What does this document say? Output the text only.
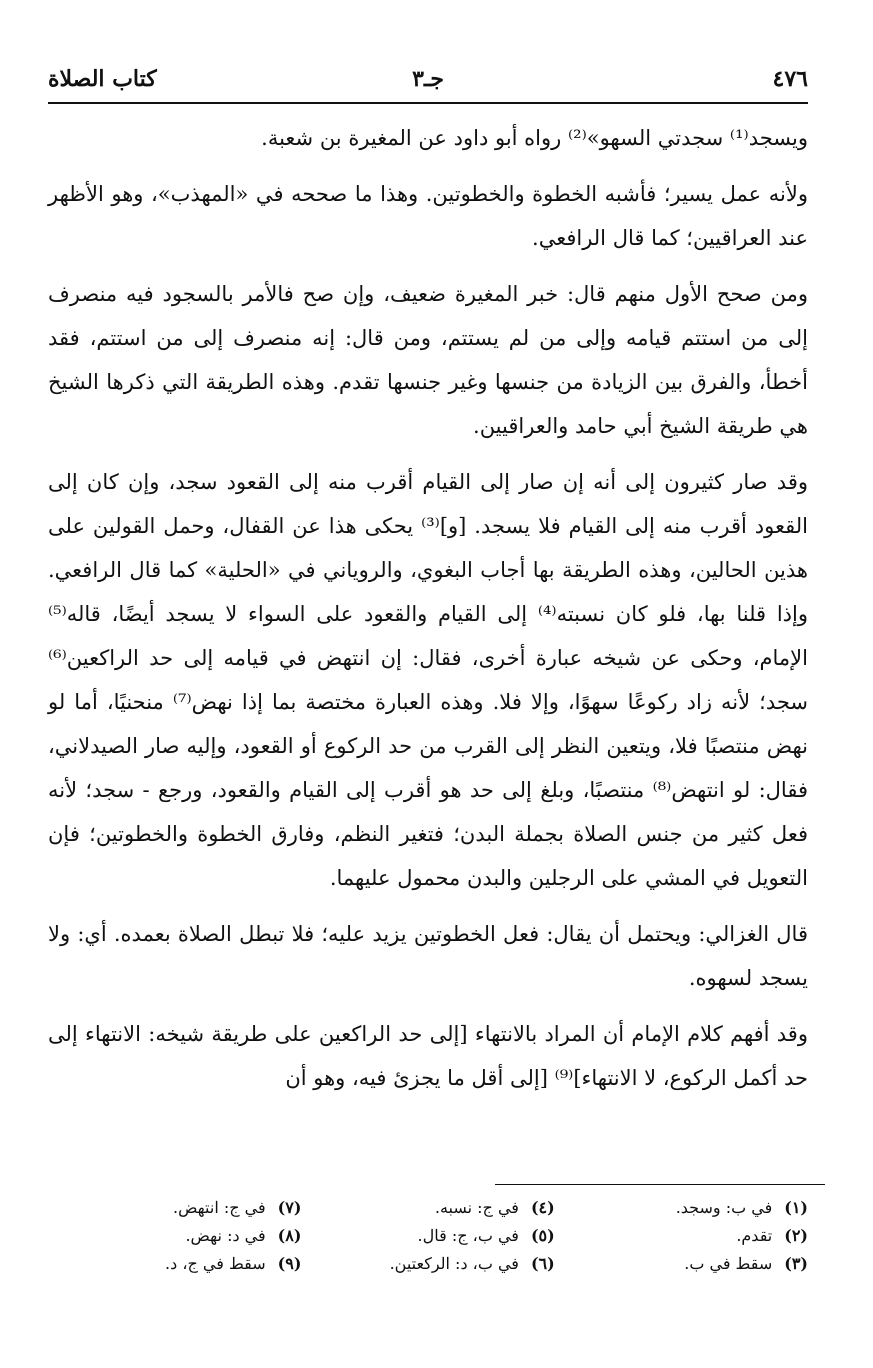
٤٧٦
جـ٣
كتاب الصلاة

ويسجد⁽¹⁾ سجدتي السهو»⁽²⁾ رواه أبو داود عن المغيرة بن شعبة.

ولأنه عمل يسير؛ فأشبه الخطوة والخطوتين. وهذا ما صححه في «المهذب»، وهو الأظهر عند العراقيين؛ كما قال الرافعي.

ومن صحح الأول منهم قال: خبر المغيرة ضعيف، وإن صح فالأمر بالسجود فيه منصرف إلى من استتم قيامه وإلى من لم يستتم، ومن قال: إنه منصرف إلى من استتم، فقد أخطأ، والفرق بين الزيادة من جنسها وغير جنسها تقدم. وهذه الطريقة التي ذكرها الشيخ هي طريقة الشيخ أبي حامد والعراقيين.

وقد صار كثيرون إلى أنه إن صار إلى القيام أقرب منه إلى القعود سجد، وإن كان إلى القعود أقرب منه إلى القيام فلا يسجد. [و]⁽³⁾ يحكى هذا عن القفال، وحمل القولين على هذين الحالين، وهذه الطريقة بها أجاب البغوي، والروياني في «الحلية» كما قال الرافعي. وإذا قلنا بها، فلو كان نسبته⁽⁴⁾ إلى القيام والقعود على السواء لا يسجد أيضًا، قاله⁽⁵⁾ الإمام، وحكى عن شيخه عبارة أخرى، فقال: إن انتهض في قيامه إلى حد الراكعين⁽⁶⁾ سجد؛ لأنه زاد ركوعًا سهوًا، وإلا فلا. وهذه العبارة مختصة بما إذا نهض⁽⁷⁾ منحنيًا، أما لو نهض منتصبًا فلا، ويتعين النظر إلى القرب من حد الركوع أو القعود، وإليه صار الصيدلاني، فقال: لو انتهض⁽⁸⁾ منتصبًا، وبلغ إلى حد هو أقرب إلى القيام والقعود، ورجع - سجد؛ لأنه فعل كثير من جنس الصلاة بجملة البدن؛ فتغير النظم، وفارق الخطوة والخطوتين؛ فإن التعويل في المشي على الرجلين والبدن محمول عليهما.

قال الغزالي: ويحتمل أن يقال: فعل الخطوتين يزيد عليه؛ فلا تبطل الصلاة بعمده. أي: ولا يسجد لسهوه.

وقد أفهم كلام الإمام أن المراد بالانتهاء [إلى حد الراكعين على طريقة شيخه: الانتهاء إلى حد أكمل الركوع، لا الانتهاء]⁽⁹⁾ [إلى أقل ما يجزئ فيه، وهو أن

(١)في ب: وسجد.
(٤)في ج: نسبه.
(٧)في ج: انتهض.
(٢)تقدم.
(٥)في ب، ج: قال.
(٨)في د: نهض.
(٣)سقط في ب.
(٦)في ب، د: الركعتين.
(٩)سقط في ج، د.
